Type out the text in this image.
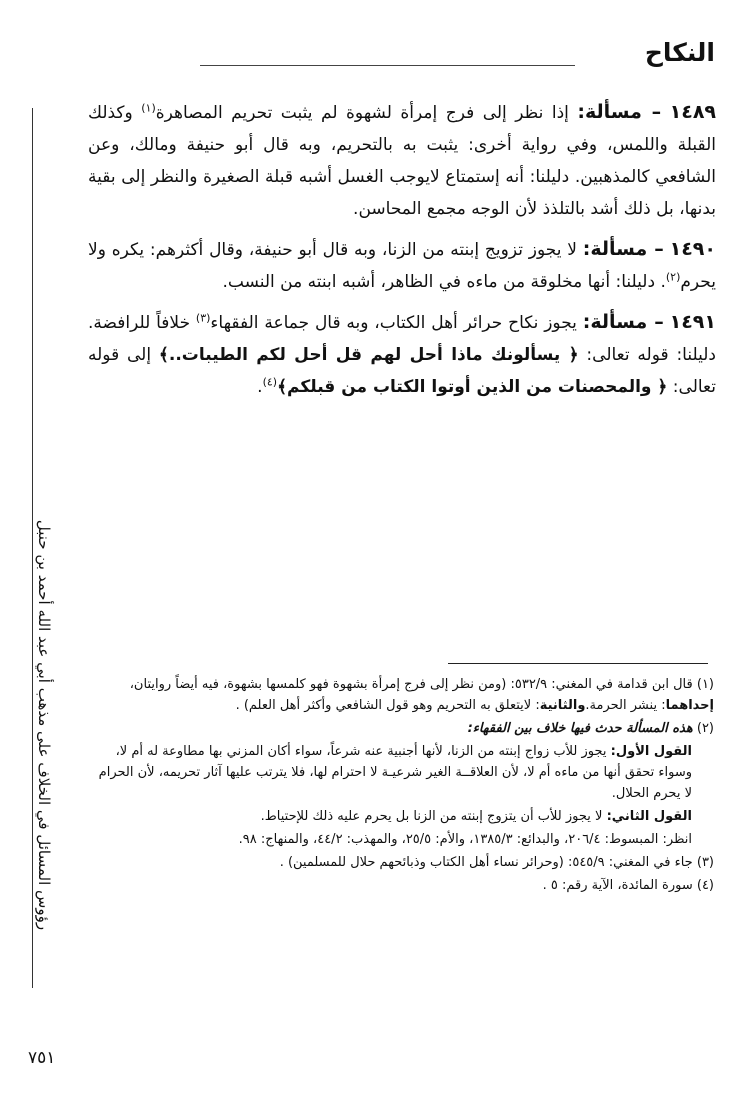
النكاح
رؤوس المسائل في الخلاف على مذهب أبي عبد الله أحمد بن حنبل

١٤٨٩ – مسألة: إذا نظر إلى فرج إمرأة لشهوة لم يثبت تحريم المصاهرة$^{(١)}$ وكذلك القبلة واللمس، وفي رواية أخرى: يثبت به بالتحريم، وبه قال أبو حنيفة ومالك، وعن الشافعي كالمذهبين. دليلنا: أنه إستمتاع لايوجب الغسل أشبه قبلة الصغيرة والنظر إلى بقية بدنها، بل ذلك أشد بالتلذذ لأن الوجه مجمع المحاسن.

١٤٩٠ – مسألة: لا يجوز تزويج إبنته من الزنا، وبه قال أبو حنيفة، وقال أكثرهم: يكره ولا يحرم$^{(٢)}$. دليلنا: أنها مخلوقة من ماءه في الظاهر، أشبه ابنته من النسب.

١٤٩١ – مسألة: يجوز نكاح حرائر أهل الكتاب، وبه قال جماعة الفقهاء$^{(٣)}$ خلافاً للرافضة. دليلنا: قوله تعالى: ﴿ يسألونك ماذا أحل لهم قل أحل لكم الطيبات..﴾ إلى قوله تعالى: ﴿ والمحصنات من الذين أوتوا الكتاب من قبلكم﴾$^{(٤)}$.

(١) قال ابن قدامة في المغني: ٥٣٢/٩: (ومن نظر إلى فرج إمرأة بشهوة فهو كلمسها بشهوة، فيه أيضاً روايتان، إحداهما: ينشر الحرمة.والثانية: لايتعلق به التحريم وهو قول الشافعي وأكثر أهل العلم) .

(٢) هذه المسألة حدث فيها خلاف بين الفقهاء:

القول الأول: يجوز للأب زواج إبنته من الزنا، لأنها أجنبية عنه شرعاً، سواء أكان المزني بها مطاوعة له أم لا، وسواء تحقق أنها من ماءه أم لا، لأن العلاقــة الغير شرعيـة لا احترام لها، فلا يترتب عليها آثار تحريمه، لأن الحرام لا يحرم الحلال.

القول الثاني: لا يجوز للأب أن يتزوج إبنته من الزنا بل يحرم عليه ذلك للإحتياط.

انظر: المبسوط: ٢٠٦/٤، والبدائع: ١٣٨٥/٣، والأم: ٢٥/٥، والمهذب: ٤٤/٢، والمنهاج: ٩٨.

(٣) جاء في المغني: ٥٤٥/٩: (وحرائر نساء أهل الكتاب وذبائحهم حلال للمسلمين) .

(٤) سورة المائدة، الآية رقم: ٥ .

٧٥١
